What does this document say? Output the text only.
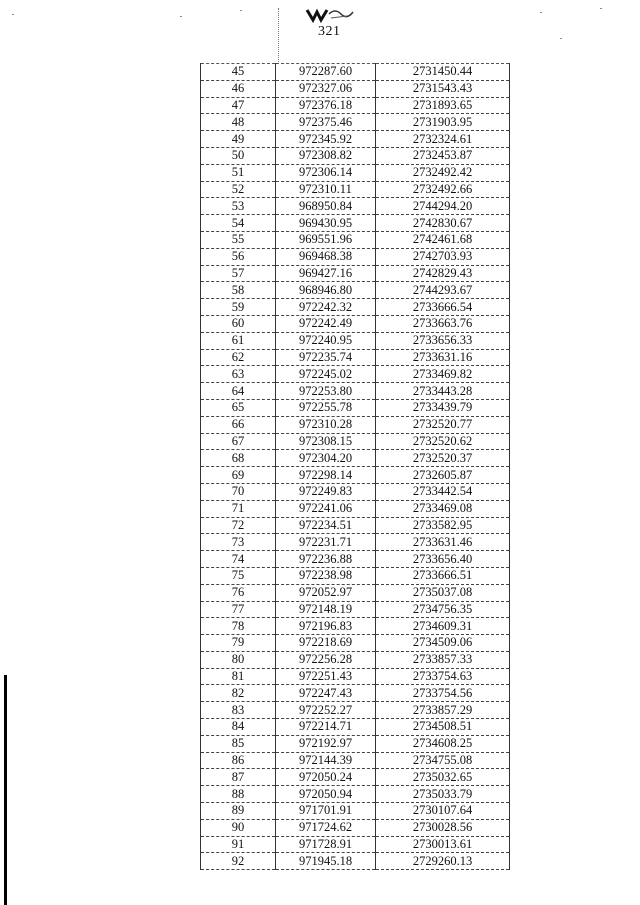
321
45	972287.60	2731450.44
46	972327.06	2731543.43
47	972376.18	2731893.65
48	972375.46	2731903.95
49	972345.92	2732324.61
50	972308.82	2732453.87
51	972306.14	2732492.42
52	972310.11	2732492.66
53	968950.84	2744294.20
54	969430.95	2742830.67
55	969551.96	2742461.68
56	969468.38	2742703.93
57	969427.16	2742829.43
58	968946.80	2744293.67
59	972242.32	2733666.54
60	972242.49	2733663.76
61	972240.95	2733656.33
62	972235.74	2733631.16
63	972245.02	2733469.82
64	972253.80	2733443.28
65	972255.78	2733439.79
66	972310.28	2732520.77
67	972308.15	2732520.62
68	972304.20	2732520.37
69	972298.14	2732605.87
70	972249.83	2733442.54
71	972241.06	2733469.08
72	972234.51	2733582.95
73	972231.71	2733631.46
74	972236.88	2733656.40
75	972238.98	2733666.51
76	972052.97	2735037.08
77	972148.19	2734756.35
78	972196.83	2734609.31
79	972218.69	2734509.06
80	972256.28	2733857.33
81	972251.43	2733754.63
82	972247.43	2733754.56
83	972252.27	2733857.29
84	972214.71	2734508.51
85	972192.97	2734608.25
86	972144.39	2734755.08
87	972050.24	2735032.65
88	972050.94	2735033.79
89	971701.91	2730107.64
90	971724.62	2730028.56
91	971728.91	2730013.61
92	971945.18	2729260.13
